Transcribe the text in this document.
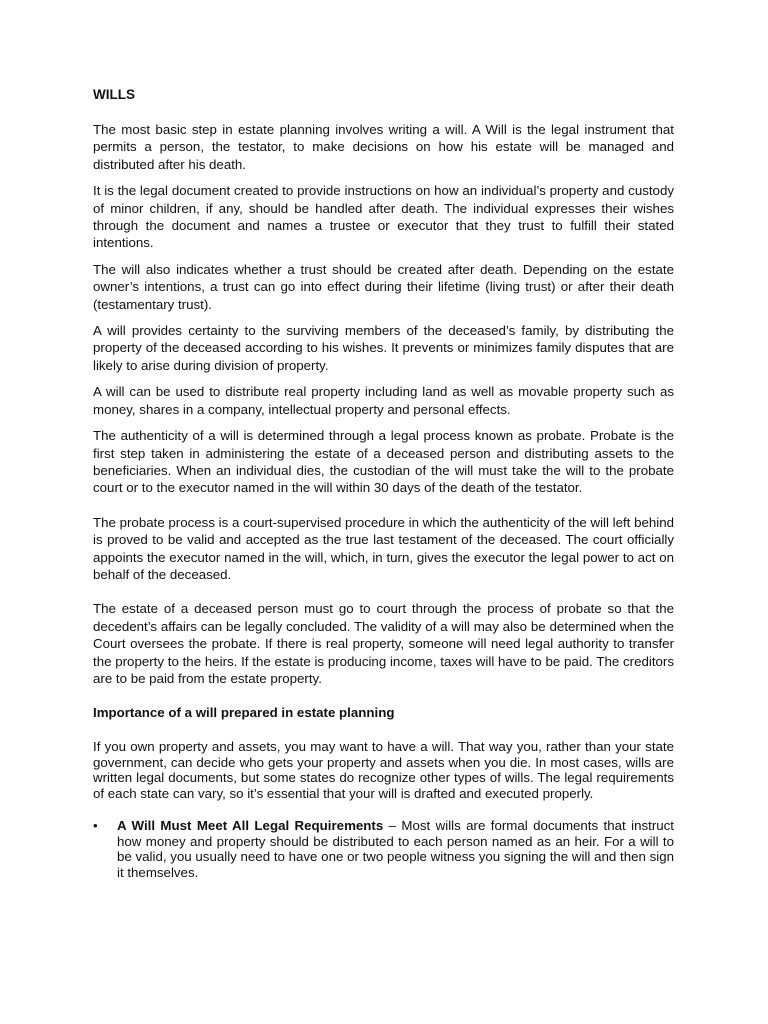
WILLS

The most basic step in estate planning involves writing a will. A Will is the legal instrument that permits a person, the testator, to make decisions on how his estate will be managed and distributed after his death.

It is the legal document created to provide instructions on how an individual’s property and custody of minor children, if any, should be handled after death. The individual expresses their wishes through the document and names a trustee or executor that they trust to fulfill their stated intentions.

The will also indicates whether a trust should be created after death. Depending on the estate owner’s intentions, a trust can go into effect during their lifetime (living trust) or after their death (testamentary trust).

A will provides certainty to the surviving members of the deceased’s family, by distributing the property of the deceased according to his wishes. It prevents or minimizes family disputes that are likely to arise during division of property.

A will can be used to distribute real property including land as well as movable property such as money, shares in a company, intellectual property and personal effects.

The authenticity of a will is determined through a legal process known as probate. Probate is the first step taken in administering the estate of a deceased person and distributing assets to the beneficiaries. When an individual dies, the custodian of the will must take the will to the probate court or to the executor named in the will within 30 days of the death of the testator.

The probate process is a court-supervised procedure in which the authenticity of the will left behind is proved to be valid and accepted as the true last testament of the deceased. The court officially appoints the executor named in the will, which, in turn, gives the executor the legal power to act on behalf of the deceased.

The estate of a deceased person must go to court through the process of probate so that the decedent’s affairs can be legally concluded. The validity of a will may also be determined when the Court oversees the probate. If there is real property, someone will need legal authority to transfer the property to the heirs. If the estate is producing income, taxes will have to be paid. The creditors are to be paid from the estate property.

Importance of a will prepared in estate planning

If you own property and assets, you may want to have a will. That way you, rather than your state government, can decide who gets your property and assets when you die. In most cases, wills are written legal documents, but some states do recognize other types of wills. The legal requirements of each state can vary, so it’s essential that your will is drafted and executed properly.

• A Will Must Meet All Legal Requirements – Most wills are formal documents that instruct how money and property should be distributed to each person named as an heir. For a will to be valid, you usually need to have one or two people witness you signing the will and then sign it themselves.
